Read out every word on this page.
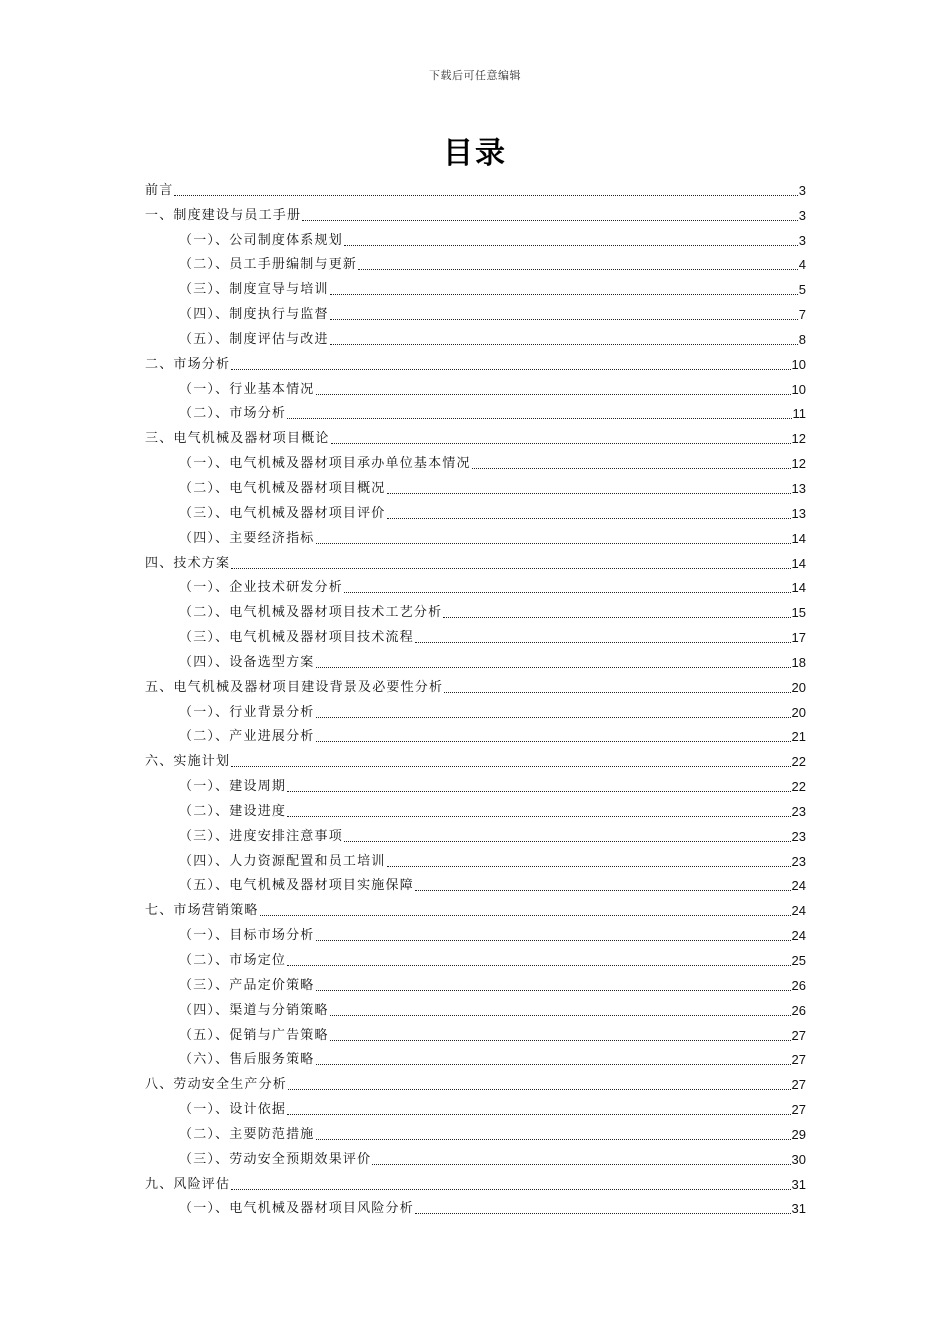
下载后可任意编辑
目录
前言	3
一、制度建设与员工手册	3
（一）、公司制度体系规划	3
（二）、员工手册编制与更新	4
（三）、制度宣导与培训	5
（四）、制度执行与监督	7
（五）、制度评估与改进	8
二、市场分析	10
（一）、行业基本情况	10
（二）、市场分析	11
三、电气机械及器材项目概论	12
（一）、电气机械及器材项目承办单位基本情况	12
（二）、电气机械及器材项目概况	13
（三）、电气机械及器材项目评价	13
（四）、主要经济指标	14
四、技术方案	14
（一）、企业技术研发分析	14
（二）、电气机械及器材项目技术工艺分析	15
（三）、电气机械及器材项目技术流程	17
（四）、设备选型方案	18
五、电气机械及器材项目建设背景及必要性分析	20
（一）、行业背景分析	20
（二）、产业进展分析	21
六、实施计划	22
（一）、建设周期	22
（二）、建设进度	23
（三）、进度安排注意事项	23
（四）、人力资源配置和员工培训	23
（五）、电气机械及器材项目实施保障	24
七、市场营销策略	24
（一）、目标市场分析	24
（二）、市场定位	25
（三）、产品定价策略	26
（四）、渠道与分销策略	26
（五）、促销与广告策略	27
（六）、售后服务策略	27
八、劳动安全生产分析	27
（一）、设计依据	27
（二）、主要防范措施	29
（三）、劳动安全预期效果评价	30
九、风险评估	31
（一）、电气机械及器材项目风险分析	31
